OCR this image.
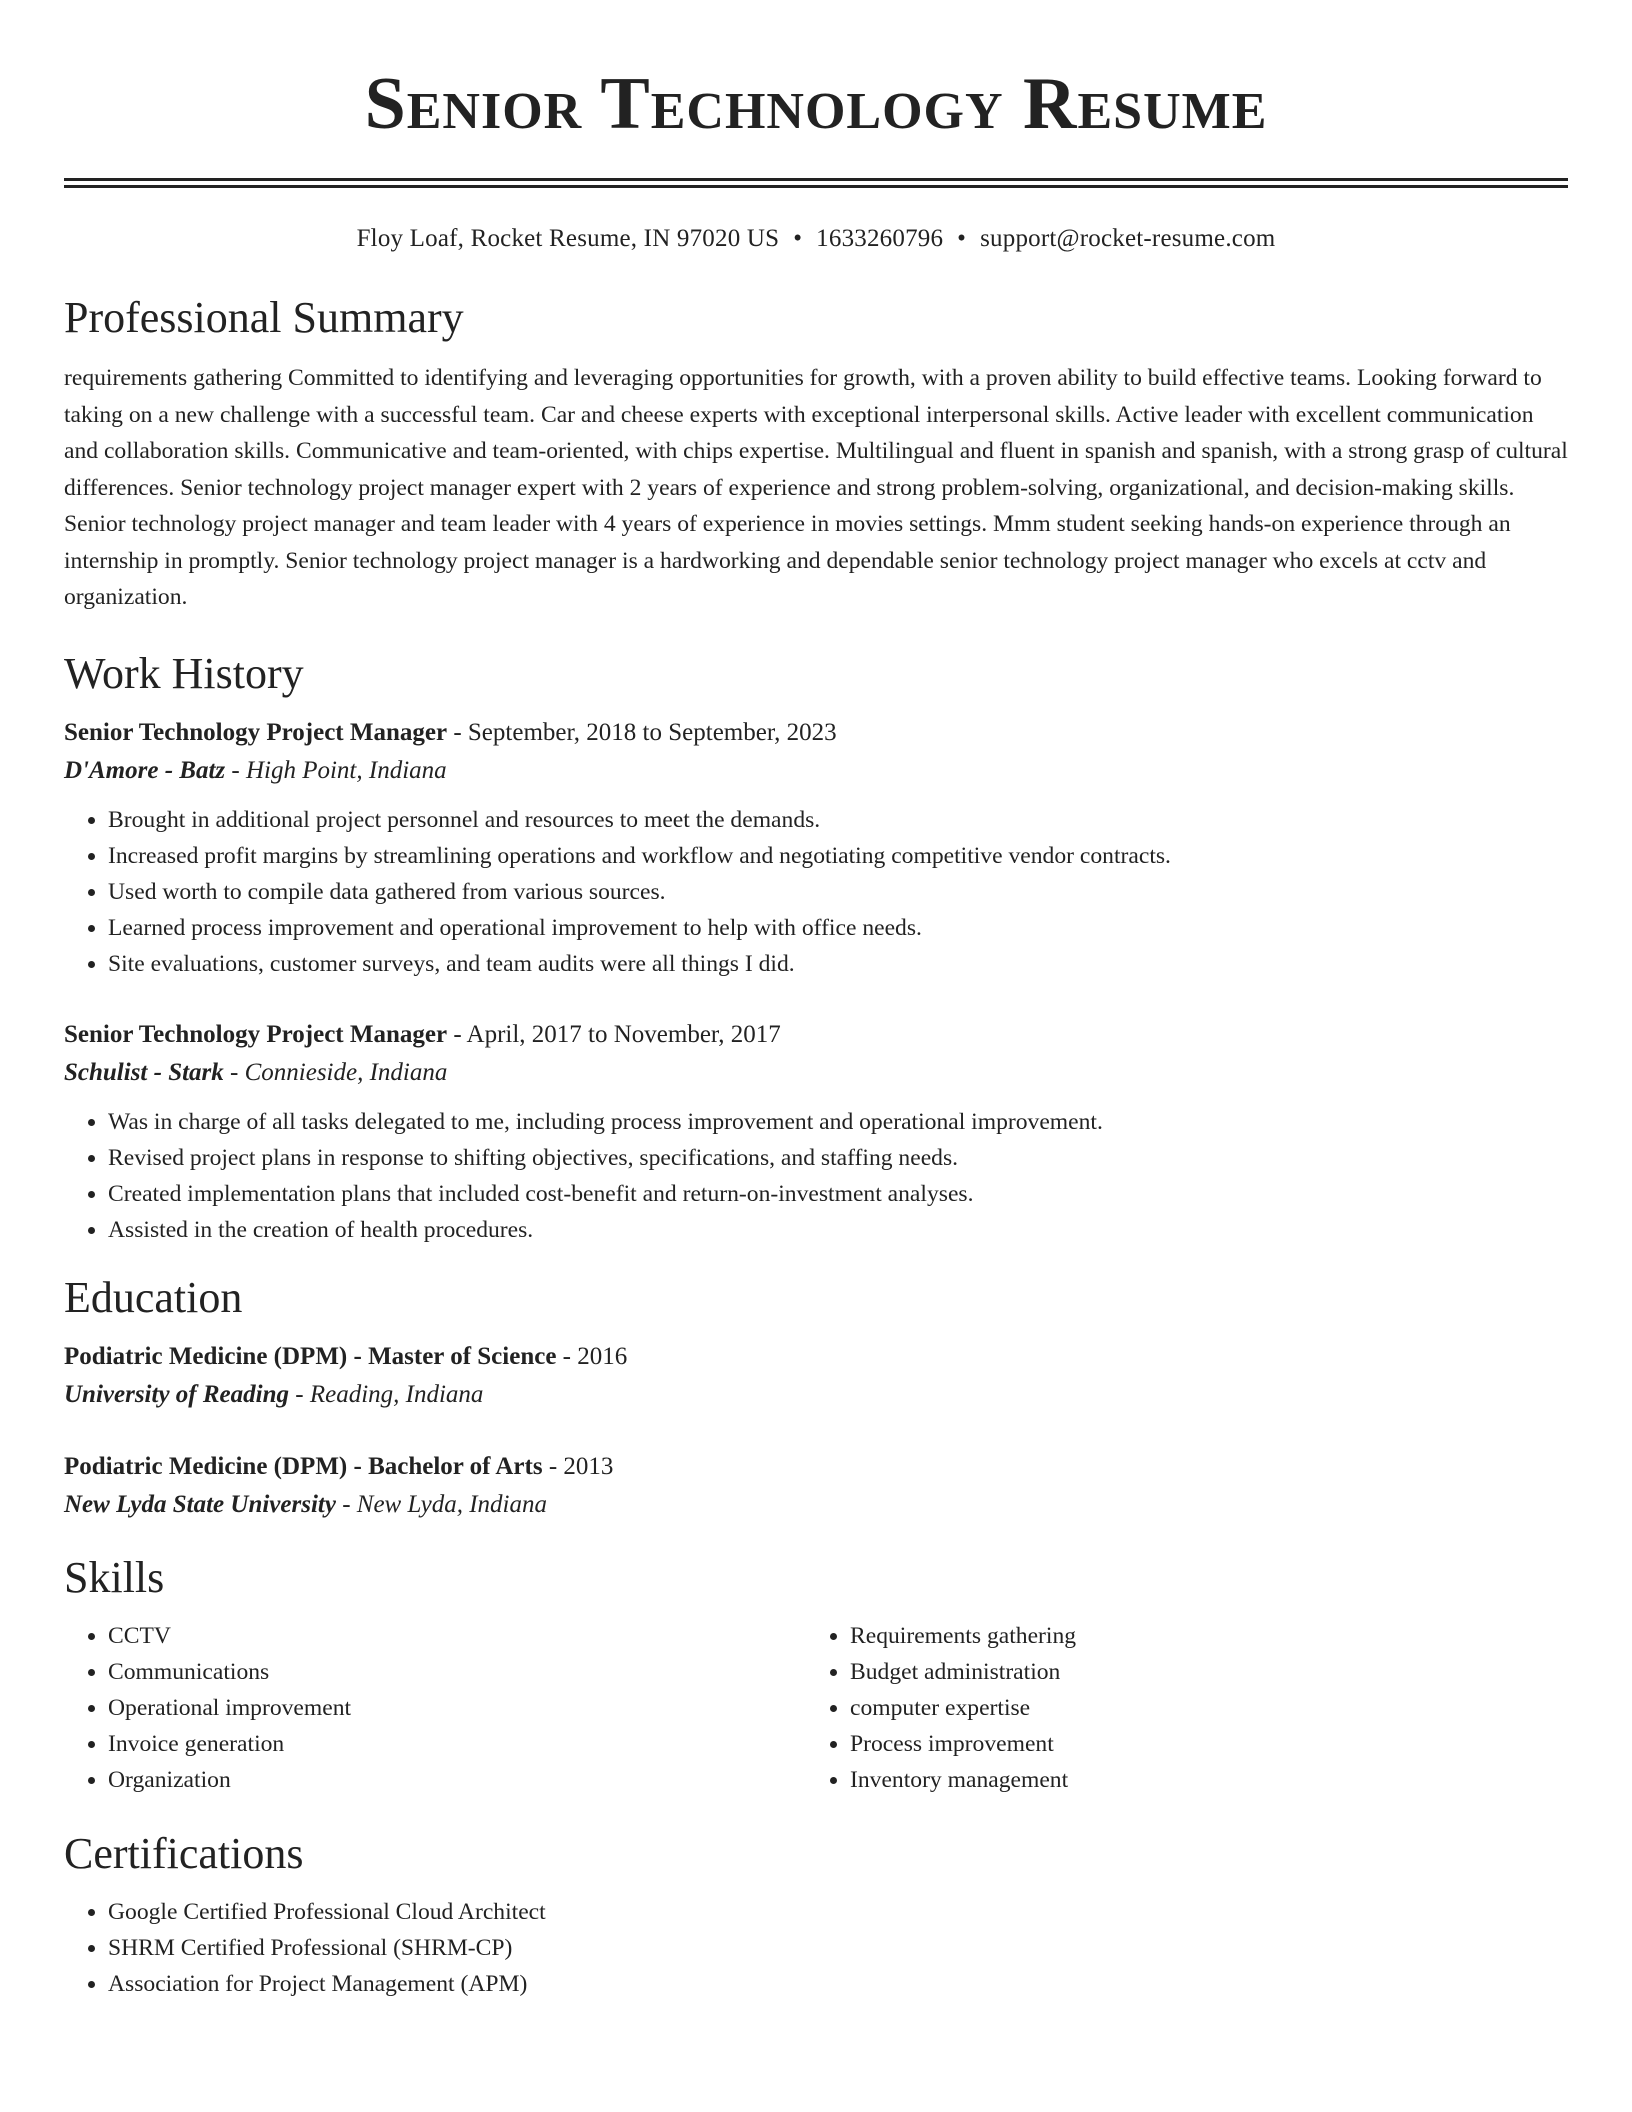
Senior Technology Resume
Floy Loaf, Rocket Resume, IN 97020 US • 1633260796 • support@rocket-resume.com
Professional Summary

requirements gathering Committed to identifying and leveraging opportunities for growth, with a proven ability to build effective teams. Looking forward to taking on a new challenge with a successful team. Car and cheese experts with exceptional interpersonal skills. Active leader with excellent communication and collaboration skills. Communicative and team-oriented, with chips expertise. Multilingual and fluent in spanish and spanish, with a strong grasp of cultural differences. Senior technology project manager expert with 2 years of experience and strong problem-solving, organizational, and decision-making skills. Senior technology project manager and team leader with 4 years of experience in movies settings. Mmm student seeking hands-on experience through an internship in promptly. Senior technology project manager is a hardworking and dependable senior technology project manager who excels at cctv and organization.

Work History
Senior Technology Project Manager - September, 2018 to September, 2023
D'Amore - Batz - High Point, Indiana
• Brought in additional project personnel and resources to meet the demands.
• Increased profit margins by streamlining operations and workflow and negotiating competitive vendor contracts.
• Used worth to compile data gathered from various sources.
• Learned process improvement and operational improvement to help with office needs.
• Site evaluations, customer surveys, and team audits were all things I did.
Senior Technology Project Manager - April, 2017 to November, 2017
Schulist - Stark - Connieside, Indiana
• Was in charge of all tasks delegated to me, including process improvement and operational improvement.
• Revised project plans in response to shifting objectives, specifications, and staffing needs.
• Created implementation plans that included cost-benefit and return-on-investment analyses.
• Assisted in the creation of health procedures.
Education
Podiatric Medicine (DPM) - Master of Science - 2016
University of Reading - Reading, Indiana
Podiatric Medicine (DPM) - Bachelor of Arts - 2013
New Lyda State University - New Lyda, Indiana
Skills
• CCTV
• Communications
• Operational improvement
• Invoice generation
• Organization
• Requirements gathering
• Budget administration
• computer expertise
• Process improvement
• Inventory management
Certifications
• Google Certified Professional Cloud Architect
• SHRM Certified Professional (SHRM-CP)
• Association for Project Management (APM)
